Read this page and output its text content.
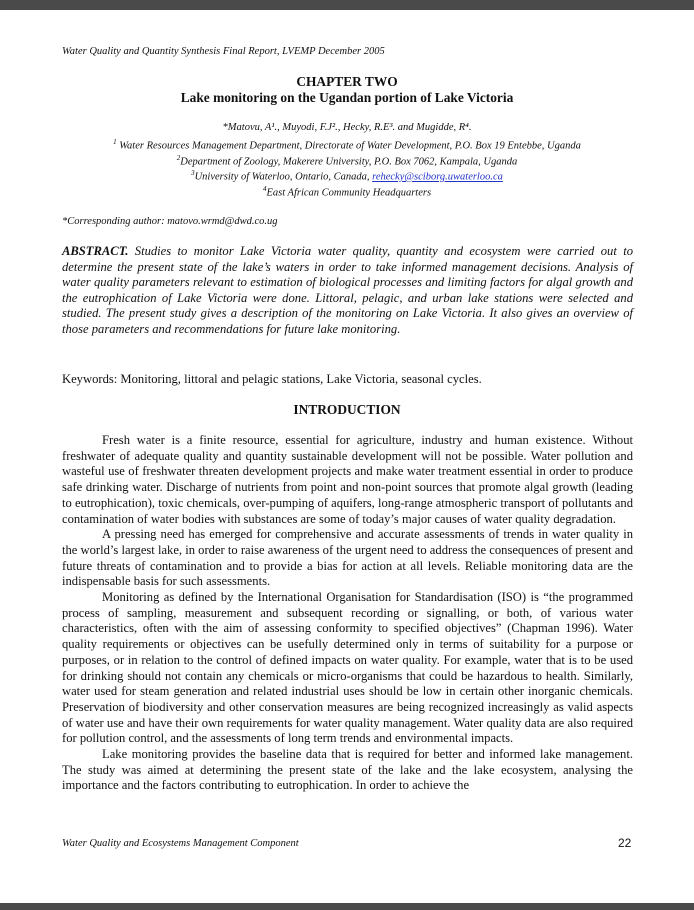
Water Quality and Quantity Synthesis Final Report, LVEMP December 2005
CHAPTER TWO
Lake monitoring on the Ugandan portion of Lake Victoria
*Matovu, A¹., Muyodi, F.J²., Hecky, R.E³. and Mugidde, R⁴.
$^1$ Water Resources Management Department, Directorate of Water Development, P.O. Box 19 Entebbe, Uganda
$^2$Department of Zoology, Makerere University, P.O. Box 7062, Kampala, Uganda
$^3$University of Waterloo, Ontario, Canada, rehecky@sciborg.uwaterloo.ca
$^4$East African Community Headquarters
*Corresponding author: matovo.wrmd@dwd.co.ug

ABSTRACT. Studies to monitor Lake Victoria water quality, quantity and ecosystem were carried out to determine the present state of the lake’s waters in order to take informed management decisions. Analysis of water quality parameters relevant to estimation of biological processes and limiting factors for algal growth and the eutrophication of Lake Victoria were done. Littoral, pelagic, and urban lake stations were selected and studied. The present study gives a description of the monitoring on Lake Victoria. It also gives an overview of those parameters and recommendations for future lake monitoring.

Keywords: Monitoring, littoral and pelagic stations, Lake Victoria, seasonal cycles.
INTRODUCTION

Fresh water is a finite resource, essential for agriculture, industry and human existence. Without freshwater of adequate quality and quantity sustainable development will not be possible. Water pollution and wasteful use of freshwater threaten development projects and make water treatment essential in order to produce safe drinking water. Discharge of nutrients from point and non-point sources that promote algal growth (leading to eutrophication), toxic chemicals, over-pumping of aquifers, long-range atmospheric transport of pollutants and contamination of water bodies with substances are some of today’s major causes of water quality degradation.

A pressing need has emerged for comprehensive and accurate assessments of trends in water quality in the world’s largest lake, in order to raise awareness of the urgent need to address the consequences of present and future threats of contamination and to provide a bias for action at all levels. Reliable monitoring data are the indispensable basis for such assessments.

Monitoring as defined by the International Organisation for Standardisation (ISO) is “the programmed process of sampling, measurement and subsequent recording or signalling, or both, of various water characteristics, often with the aim of assessing conformity to specified objectives” (Chapman 1996). Water quality requirements or objectives can be usefully determined only in terms of suitability for a purpose or purposes, or in relation to the control of defined impacts on water quality. For example, water that is to be used for drinking should not contain any chemicals or micro-organisms that could be hazardous to health. Similarly, water used for steam generation and related industrial uses should be low in certain other inorganic chemicals. Preservation of biodiversity and other conservation measures are being recognized increasingly as valid aspects of water use and have their own requirements for water quality management. Water quality data are also required for pollution control, and the assessments of long term trends and environmental impacts.

Lake monitoring provides the baseline data that is required for better and informed lake management. The study was aimed at determining the present state of the lake and the lake ecosystem, analysing the importance and the factors contributing to eutrophication. In order to achieve the

Water Quality and Ecosystems Management Component	22
